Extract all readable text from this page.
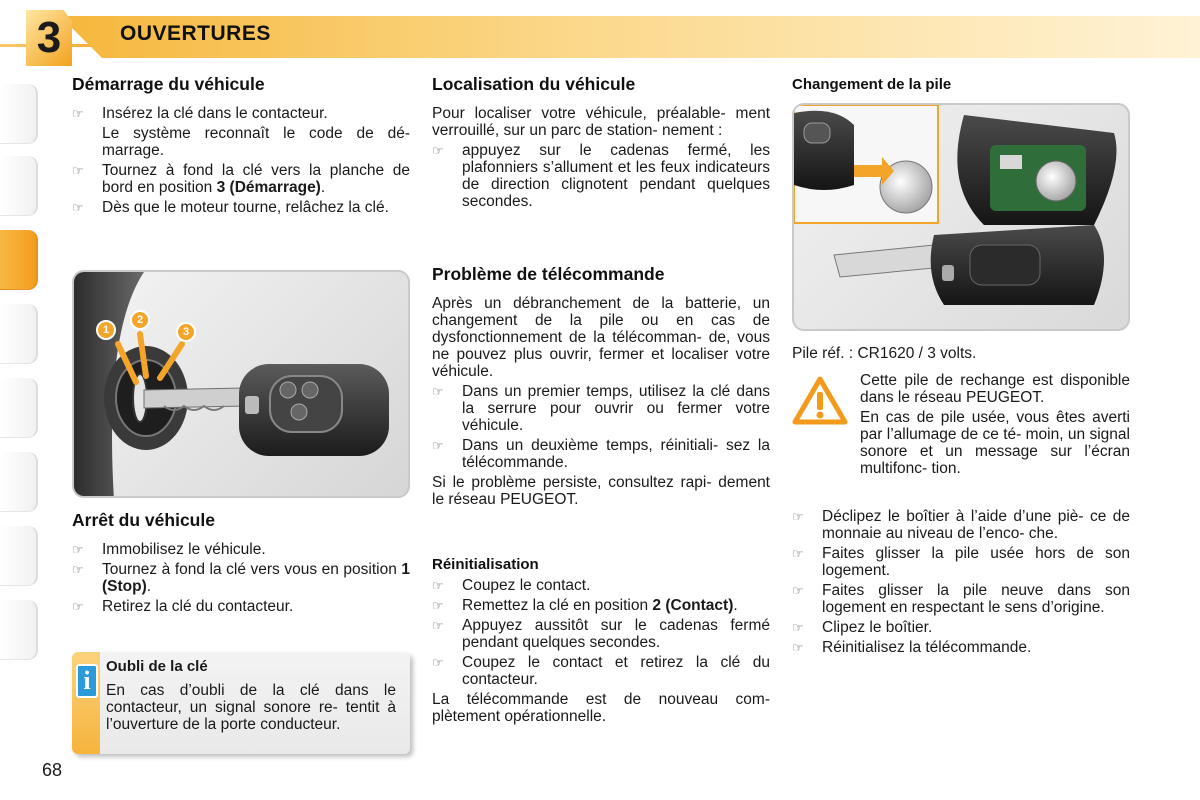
3	OUVERTURES
Démarrage du véhicule
☞ Insérez la clé dans le contacteur.

Le système reconnaît le code de dé- marrage.

☞ Tournez à fond la clé vers la planche de bord en position 3 (Démarrage).
☞ Dès que le moteur tourne, relâchez la clé.
1
2
3
Arrêt du véhicule
☞ Immobilisez le véhicule.
☞ Tournez à fond la clé vers vous en position 1 (Stop).
☞ Retirez la clé du contacteur.
i	Oubli de la clé
En cas d’oubli de la clé dans le contacteur, un signal sonore re- tentit à l’ouverture de la porte conducteur.
Localisation du véhicule

Pour localiser votre véhicule, préalable- ment verrouillé, sur un parc de station- nement :

☞ appuyez sur le cadenas fermé, les plafonniers s’allument et les feux indicateurs de direction clignotent pendant quelques secondes.
Problème de télécommande

Après un débranchement de la batterie, un changement de la pile ou en cas de dysfonctionnement de la télécomman- de, vous ne pouvez plus ouvrir, fermer et localiser votre véhicule.

☞ Dans un premier temps, utilisez la clé dans la serrure pour ouvrir ou fermer votre véhicule.
☞ Dans un deuxième temps, réinitiali- sez la télécommande.

Si le problème persiste, consultez rapi- dement le réseau PEUGEOT.

Réinitialisation
☞ Coupez le contact.
☞ Remettez la clé en position 2 (Contact).
☞ Appuyez aussitôt sur le cadenas fermé pendant quelques secondes.
☞ Coupez le contact et retirez la clé du contacteur.

La télécommande est de nouveau com- plètement opérationnelle.

Changement de la pile

Pile réf. : CR1620 / 3 volts.

Cette pile de rechange est disponible dans le réseau PEUGEOT.

En cas de pile usée, vous êtes averti par l’allumage de ce té- moin, un signal sonore et un message sur l’écran multifonc- tion.

☞ Déclipez le boîtier à l’aide d’une piè- ce de monnaie au niveau de l’enco- che.
☞ Faites glisser la pile usée hors de son logement.
☞ Faites glisser la pile neuve dans son logement en respectant le sens d’origine.
☞ Clipez le boîtier.
☞ Réinitialisez la télécommande.
68
